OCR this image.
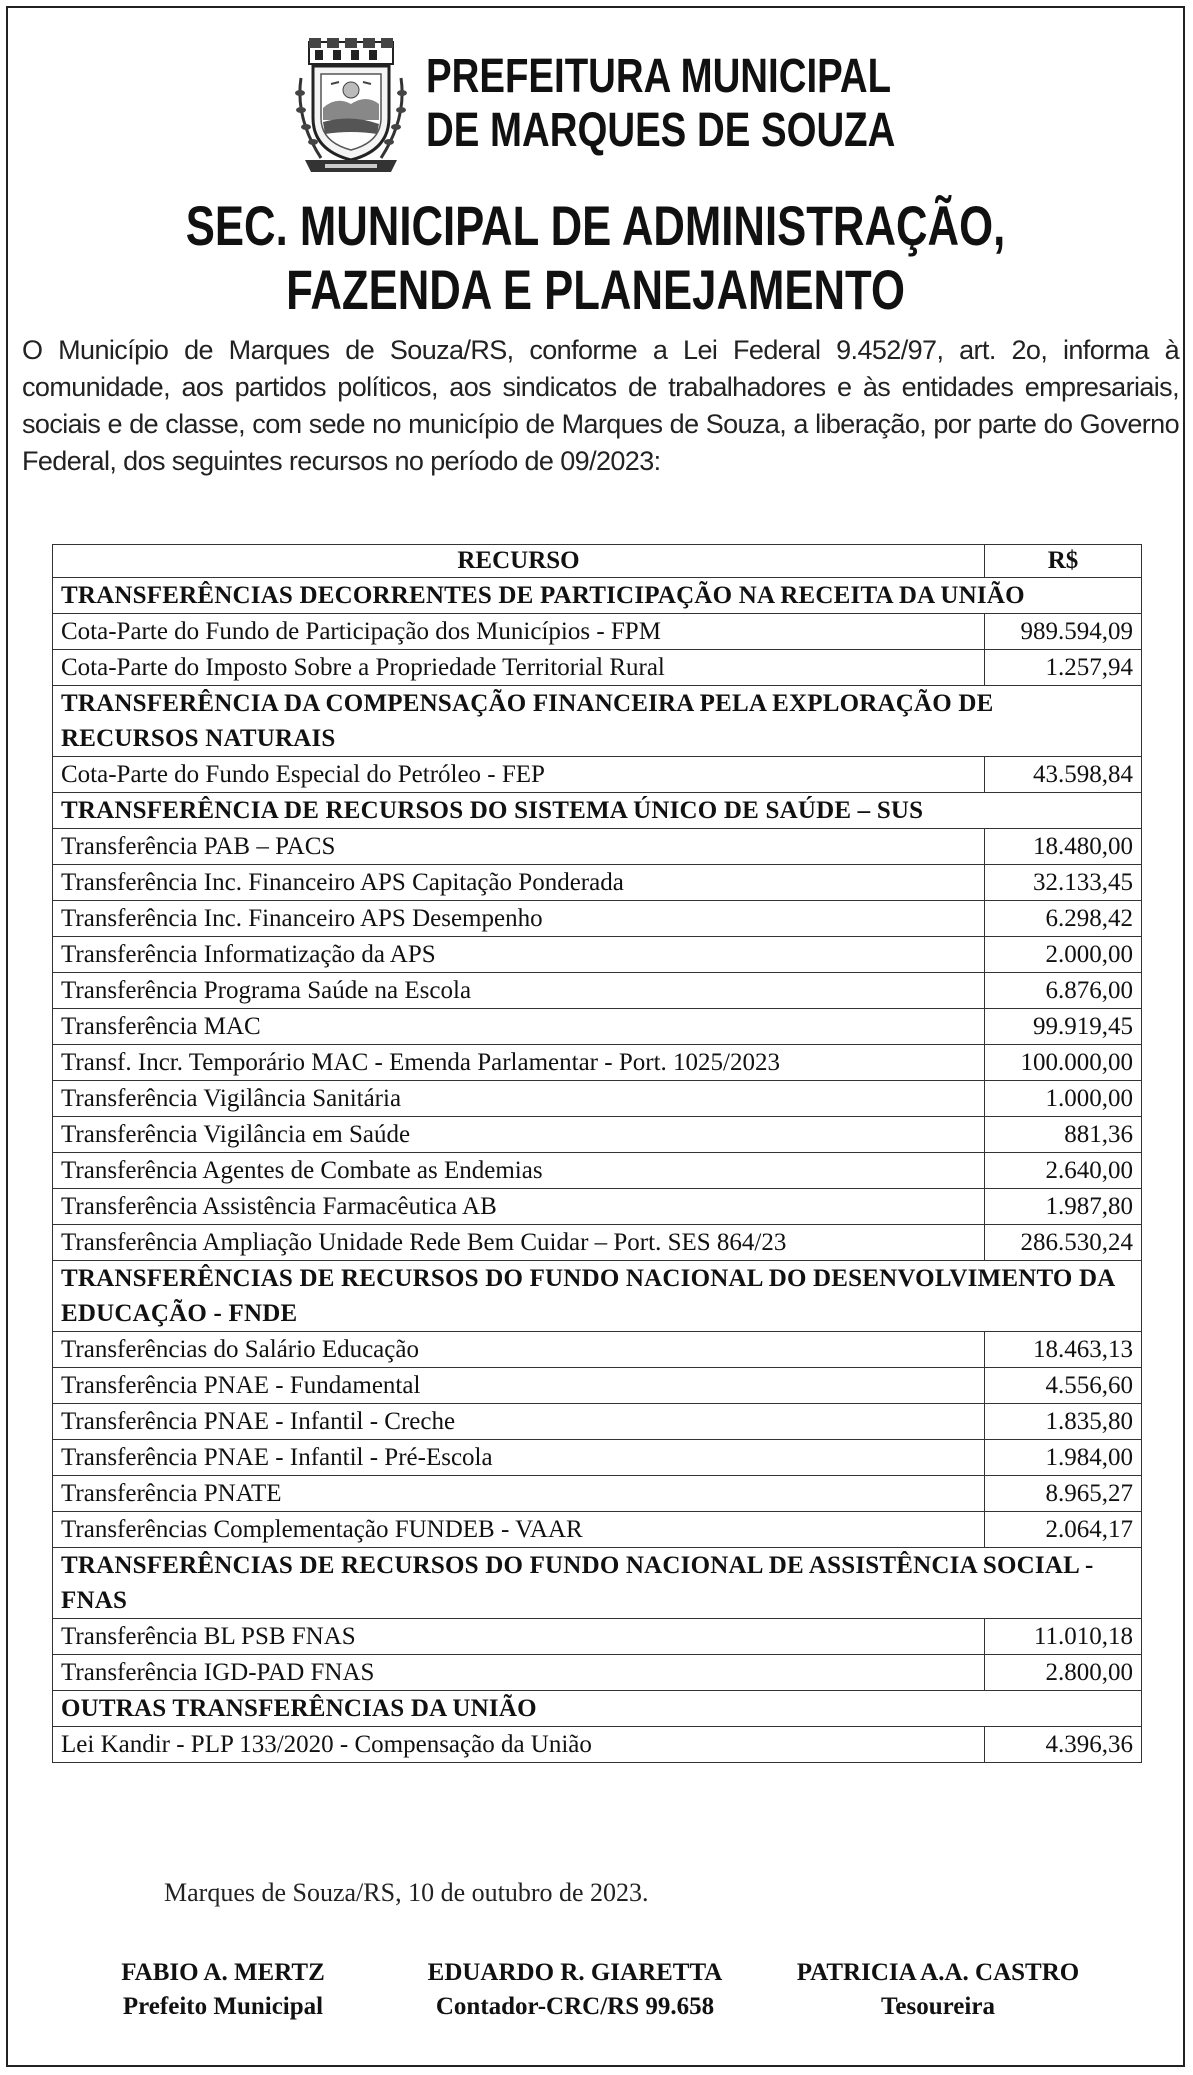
PREFEITURA MUNICIPAL
DE MARQUES DE SOUZA
SEC. MUNICIPAL DE ADMINISTRAÇÃO,
FAZENDA E PLANEJAMENTO
O Município de Marques de Souza/RS, conforme a Lei Federal 9.452/97, art. 2o, informa à comunidade, aos partidos políticos, aos sindicatos de trabalhadores e às entidades empresariais, sociais e de classe, com sede no município de Marques de Souza, a liberação, por parte do Governo Federal, dos seguintes recursos no período de 09/2023:
RECURSO	R$
TRANSFERÊNCIAS DECORRENTES DE PARTICIPAÇÃO NA RECEITA DA UNIÃO	
Cota-Parte do Fundo de Participação dos Municípios - FPM	989.594,09
Cota-Parte do Imposto Sobre a Propriedade Territorial Rural	1.257,94
TRANSFERÊNCIA DA COMPENSAÇÃO FINANCEIRA PELA EXPLORAÇÃO DE RECURSOS NATURAIS	
Cota-Parte do Fundo Especial do Petróleo - FEP	43.598,84
TRANSFERÊNCIA DE RECURSOS DO SISTEMA ÚNICO DE SAÚDE – SUS	
Transferência PAB – PACS	18.480,00
Transferência Inc. Financeiro APS Capitação Ponderada	32.133,45
Transferência Inc. Financeiro APS Desempenho	6.298,42
Transferência Informatização da APS	2.000,00
Transferência Programa Saúde na Escola	6.876,00
Transferência MAC	99.919,45
Transf. Incr. Temporário MAC - Emenda Parlamentar - Port. 1025/2023	100.000,00
Transferência Vigilância Sanitária	1.000,00
Transferência Vigilância em Saúde	881,36
Transferência Agentes de Combate as Endemias	2.640,00
Transferência Assistência Farmacêutica AB	1.987,80
Transferência Ampliação Unidade Rede Bem Cuidar – Port. SES 864/23	286.530,24
TRANSFERÊNCIAS DE RECURSOS DO FUNDO NACIONAL DO DESENVOLVIMENTO DA EDUCAÇÃO - FNDE	
Transferências do Salário Educação	18.463,13
Transferência PNAE - Fundamental	4.556,60
Transferência PNAE - Infantil - Creche	1.835,80
Transferência PNAE - Infantil - Pré-Escola	1.984,00
Transferência PNATE	8.965,27
Transferências Complementação FUNDEB - VAAR	2.064,17
TRANSFERÊNCIAS DE RECURSOS DO FUNDO NACIONAL DE ASSISTÊNCIA SOCIAL - FNAS	
Transferência BL PSB FNAS	11.010,18
Transferência IGD-PAD FNAS	2.800,00
OUTRAS TRANSFERÊNCIAS DA UNIÃO	
Lei Kandir - PLP 133/2020 - Compensação da União	4.396,36
Marques de Souza/RS, 10 de outubro de 2023.
FABIO A. MERTZ
Prefeito Municipal
EDUARDO R. GIARETTA
Contador-CRC/RS 99.658
PATRICIA A.A. CASTRO
Tesoureira
